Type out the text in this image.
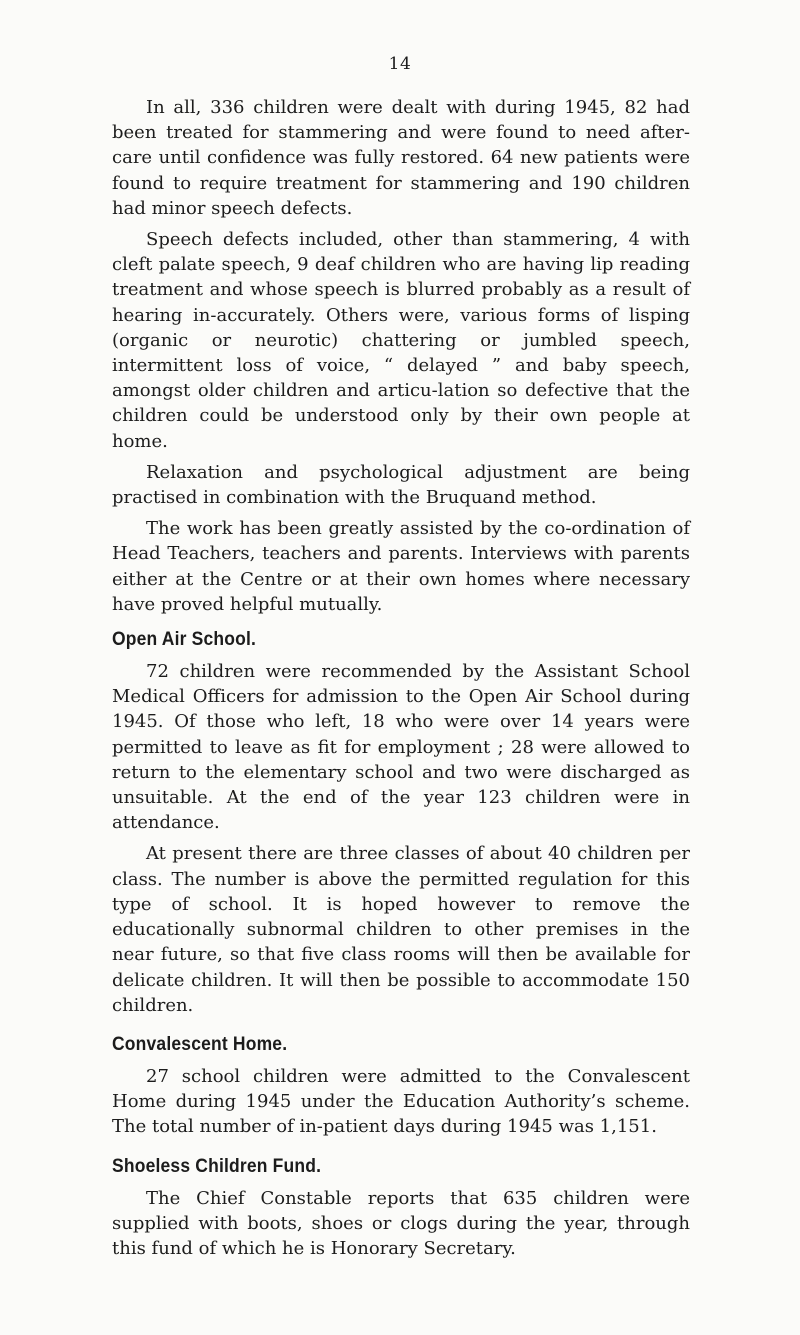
14

In all, 336 children were dealt with during 1945, 82 had been treated for stammering and were found to need after-care until confidence was fully restored. 64 new patients were found to require treatment for stammering and 190 children had minor speech defects.

Speech defects included, other than stammering, 4 with cleft palate speech, 9 deaf children who are having lip reading treatment and whose speech is blurred probably as a result of hearing in-accurately. Others were, various forms of lisping (organic or neurotic) chattering or jumbled speech, intermittent loss of voice, “ delayed ” and baby speech, amongst older children and articu-lation so defective that the children could be understood only by their own people at home.

Relaxation and psychological adjustment are being practised in combination with the Bruquand method.

The work has been greatly assisted by the co-ordination of Head Teachers, teachers and parents. Interviews with parents either at the Centre or at their own homes where necessary have proved helpful mutually.

Open Air School.

72 children were recommended by the Assistant School Medical Officers for admission to the Open Air School during 1945. Of those who left, 18 who were over 14 years were permitted to leave as fit for employment ; 28 were allowed to return to the elementary school and two were discharged as unsuitable. At the end of the year 123 children were in attendance.

At present there are three classes of about 40 children per class. The number is above the permitted regulation for this type of school. It is hoped however to remove the educationally subnormal children to other premises in the near future, so that five class rooms will then be available for delicate children. It will then be possible to accommodate 150 children.

Convalescent Home.

27 school children were admitted to the Convalescent Home during 1945 under the Education Authority’s scheme. The total number of in-patient days during 1945 was 1,151.

Shoeless Children Fund.

The Chief Constable reports that 635 children were supplied with boots, shoes or clogs during the year, through this fund of which he is Honorary Secretary.
